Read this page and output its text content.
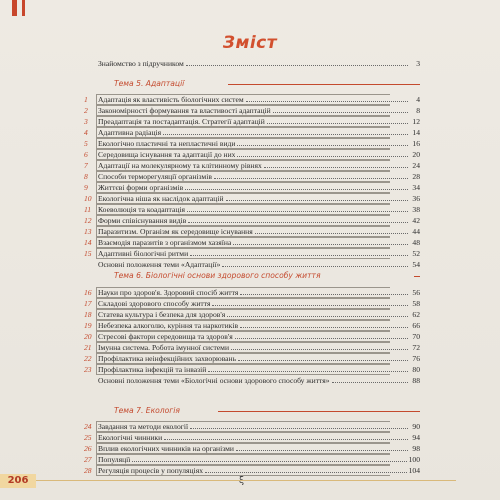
Зміст
Знайомство з підручником	3
Тема 5. Адаптації
1	Адаптація як властивість біологічних систем	4
2	Закономірності формування та властивості адаптацій	8
3	Преадаптація та постадаптація. Стратегії адаптацій	12
4	Адаптивна радіація	14
5	Екологічно пластичні та непластичні види	16
6	Середовища існування та адаптації до них	20
7	Адаптації на молекулярному та клітинному рівнях	24
8	Способи терморегуляції організмів	28
9	Життєві форми організмів	34
10 Екологічна ніша як наслідок адаптацій	36
11 Коеволюція та коадаптація	38
12 Форми співіснування видів	42
13 Паразитизм. Організм як середовище існування	44
14 Взаємодія паразитів з організмом хазяїна	48
15 Адаптивні біологічні ритми	52
Основні положення теми «Адаптації»	54
Тема 6. Біологічні основи здорового способу життя
16 Науки про здоров'я. Здоровий спосіб життя	56
17 Складові здорового способу життя	58
18 Статева культура і безпека для здоров'я	62
19 Небезпека алкоголю, куріння та наркотиків	66
20 Стресові фактори середовища та здоров'я	70
21 Імунна система. Робота імунної системи	72
22 Профілактика неінфекційних захворювань	76
23 Профілактика інфекцій та інвазій	80
Основні положення теми «Біологічні основи здорового способу життя»	88
Тема 7. Екологія
24 Завдання та методи екології	90
25 Екологічні чинники	94
26 Вплив екологічних чинників на організми	98
27 Популяції	100
28 Регуляція процесів у популяціях	104
ξ
206
